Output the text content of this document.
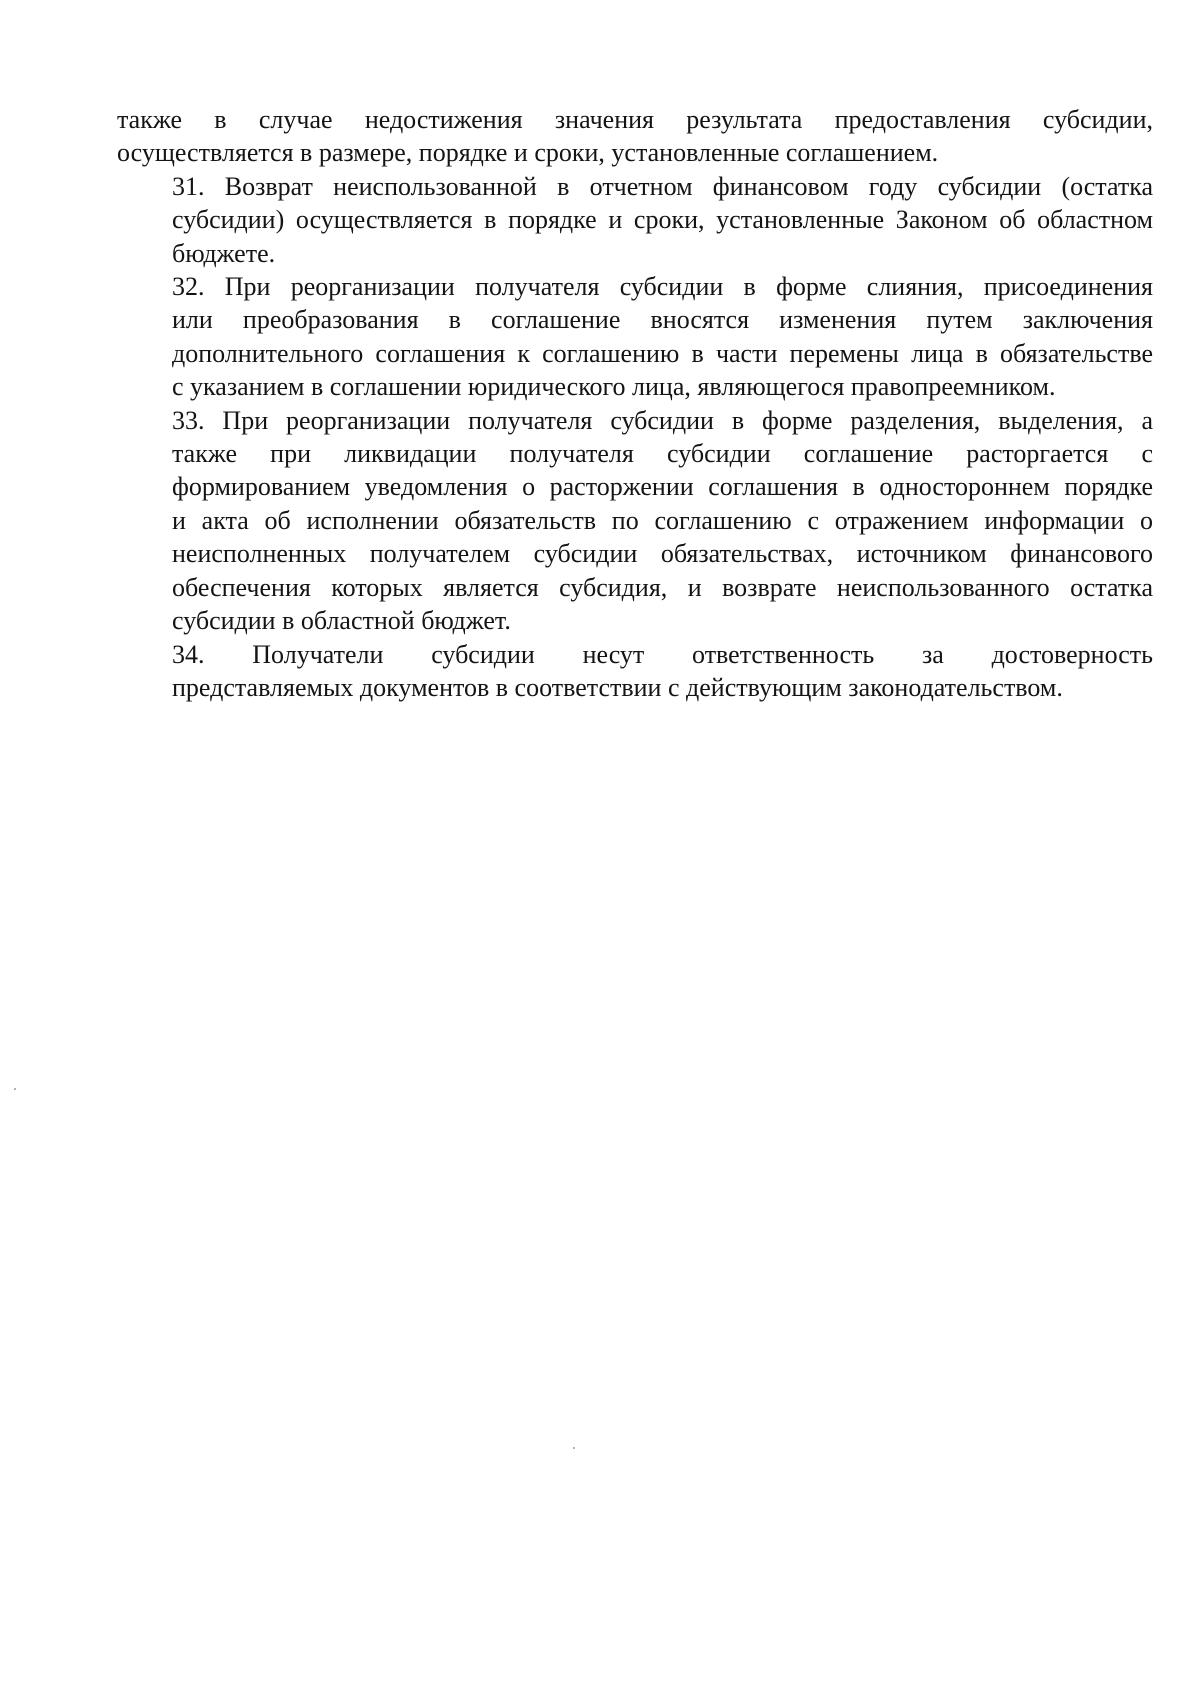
также в случае недостижения значения результата предоставления субсидии,
осуществляется в размере, порядке и сроки, установленные соглашением.

31. Возврат неиспользованной в отчетном финансовом году субсидии (остатка
субсидии) осуществляется в порядке и сроки, установленные Законом об областном
бюджете.

32. При реорганизации получателя субсидии в форме слияния, присоединения
или преобразования в соглашение вносятся изменения путем заключения
дополнительного соглашения к соглашению в части перемены лица в обязательстве
с указанием в соглашении юридического лица, являющегося правопреемником.

33. При реорганизации получателя субсидии в форме разделения, выделения, а
также при ликвидации получателя субсидии соглашение расторгается с
формированием уведомления о расторжении соглашения в одностороннем порядке
и акта об исполнении обязательств по соглашению с отражением информации о
неисполненных получателем субсидии обязательствах, источником финансового
обеспечения которых является субсидия, и возврате неиспользованного остатка
субсидии в областной бюджет.

34. Получатели субсидии несут ответственность за достоверность
представляемых документов в соответствии с действующим законодательством.
